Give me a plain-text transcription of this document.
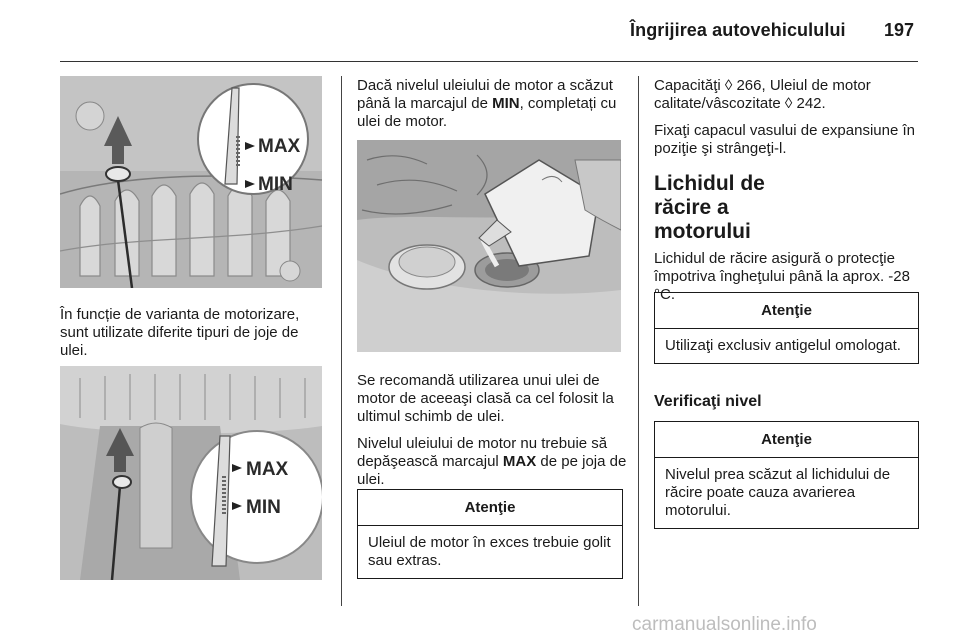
Îngrijirea autovehiculului 197
MAX
MIN

În funcție de varianta de motorizare, sunt utilizate diferite tipuri de joje de ulei.

MAX
MIN

Dacă nivelul uleiului de motor a scăzut până la marcajul de MIN, completați cu ulei de motor.

Se recomandă utilizarea unui ulei de motor de aceeaşi clasă ca cel folosit la ultimul schimb de ulei.

Nivelul uleiului de motor nu trebuie să depăşească marcajul MAX de pe joja de ulei.

Atenţie
Uleiul de motor în exces trebuie golit sau extras.

Capacităţi ◊ 266, Uleiul de motor calitate/vâscozitate ◊ 242.

Fixaţi capacul vasului de expansiune în poziţie şi strângeţi-l.

Lichidul de răcire a motorului

Lichidul de răcire asigură o protecţie împotriva îngheţului până la aprox. -28 °C.

Atenţie
Utilizaţi exclusiv antigelul omologat.
Verificaţi nivel
Atenţie
Nivelul prea scăzut al lichidului de răcire poate cauza avarierea motorului.
carmanualsonline.info
